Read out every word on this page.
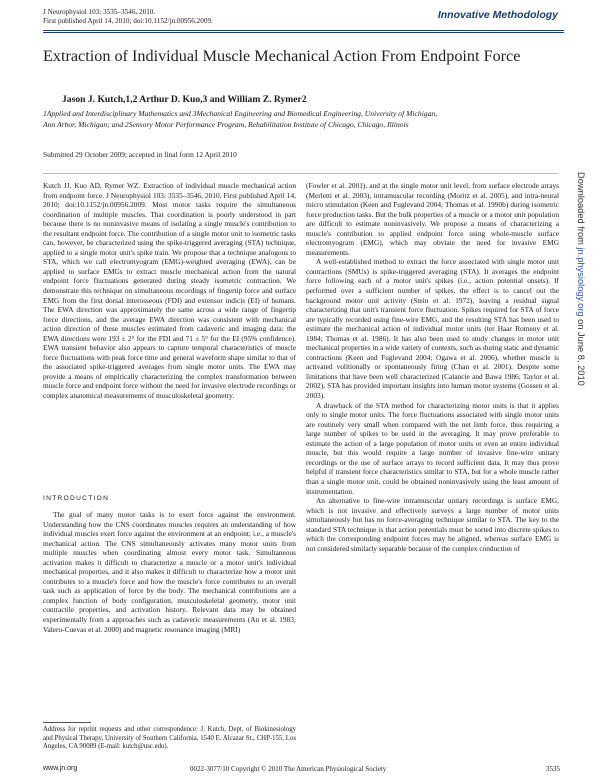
J Neurophysiol 103: 3535–3546, 2010.
First published April 14, 2010; doi:10.1152/jn.00956.2009.	Innovative Methodology
Extraction of Individual Muscle Mechanical Action From Endpoint Force
Jason J. Kutch,1,2 Arthur D. Kuo,3 and William Z. Rymer2
1Applied and Interdisciplinary Mathematics and 3Mechanical Engineering and Biomedical Engineering, University of Michigan,
Ann Arbor, Michigan; and 2Sensory Motor Performance Program, Rehabilitation Institute of Chicago, Chicago, Illinois
Submitted 29 October 2009; accepted in final form 12 April 2010

Kutch JJ, Kuo AD, Rymer WZ. Extraction of individual muscle mechanical action from endpoint force. J Neurophysiol 103: 3535–3546, 2010. First published April 14, 2010; doi:10.1152/jn.00956.2009. Most motor tasks require the simultaneous coordination of multiple muscles. That coordination is poorly understood in part because there is no noninvasive means of isolating a single muscle's contribution to the resultant endpoint force. The contribution of a single motor unit to isometric tasks can, however, be characterized using the spike-triggered averaging (STA) technique, applied to a single motor unit's spike train. We propose that a technique analogous to STA, which we call electromyogram (EMG)-weighted averaging (EWA), can be applied to surface EMGs to extract muscle mechanical action from the natural endpoint force fluctuations generated during steady isometric contraction. We demonstrate this technique on simultaneous recordings of fingertip force and surface EMG from the first dorsal interosseous (FDI) and extensor indicis (EI) of humans. The EWA direction was approximately the same across a wide range of fingertip force directions, and the average EWA direction was consistent with mechanical action direction of these muscles estimated from cadaveric and imaging data: the EWA directions were 193 ± 2° for the FDI and 71 ± 5° for the EI (95% confidence). EWA transient behavior also appears to capture temporal characteristics of muscle force fluctuations with peak force time and general waveform shape similar to that of the associated spike-triggered averages from single motor units. The EWA may provide a means of empirically characterizing the complex transformation between muscle force and endpoint force without the need for invasive electrode recordings or complex anatomical measurements of musculoskeletal geometry.

INTRODUCTION

The goal of many motor tasks is to exert force against the environment. Understanding how the CNS coordinates muscles requires an understanding of how individual muscles exert force against the environment at an endpoint; i.e., a muscle's mechanical action. The CNS simultaneously activates many motor units from multiple muscles when coordinating almost every motor task. Simultaneous activation makes it difficult to characterize a muscle or a motor unit's individual mechanical properties, and it also makes it difficult to characterize how a motor unit contributes to a muscle's force and how the muscle's force contributes to an overall task such as application of force by the body. The mechanical contributions are a complex function of body configuration, musculoskeletal geometry, motor unit contractile properties, and activation history. Relevant data may be obtained experimentally from a approaches such as cadaveric measurements (An et al. 1983; Valero-Cuevas et al. 2000) and magnetic resonance imaging (MRI)

(Fowler et al. 2001), and at the single motor unit level, from surface electrode arrays (Merletti et al. 2003), intramuscular recording (Moritz et al. 2005), and intra-neural micro stimulation (Keen and Fuglevand 2004; Thomas et al. 1990b) during isometric force production tasks. But the bulk properties of a muscle or a motor unit population are difficult to estimate noninvasively. We propose a means of characterizing a muscle's contribution to applied endpoint force using whole-muscle surface electromyogram (EMG), which may obviate the need for invasive EMG measurements.

A well-established method to extract the force associated with single motor unit contractions (SMUs) is spike-triggered averaging (STA). It averages the endpoint force following each of a motor unit's spikes (i.e., action potential onsets). If performed over a sufficient number of spikes, the effect is to cancel out the background motor unit activity (Stein et al. 1972), leaving a residual signal characterizing that unit's transient force fluctuation. Spikes required for STA of force are typically recorded using fine-wire EMG, and the resulting STA has been used to estimate the mechanical action of individual motor units (ter Haar Romeny et al. 1984; Thomas et al. 1986). It has also been used to study changes in motor unit mechanical properties in a wide variety of contexts, such as during static and dynamic contractions (Keen and Fuglevand 2004; Ogawa et al. 2006), whether muscle is activated volitionally or spontaneously firing (Chan et al. 2001). Despite some limitations that have been well characterized (Calancie and Bawa 1986; Taylor et al. 2002), STA has provided important insights into human motor systems (Gossen et al. 2003).

A drawback of the STA method for characterizing motor units is that it applies only to single motor units. The force fluctuations associated with single motor units are routinely very small when compared with the net limb force, thus requiring a large number of spikes to be used in the averaging. It may prove preferable to estimate the action of a large population of motor units or even an entire individual muscle, but this would require a large number of invasive fine-wire unitary recordings or the use of surface arrays to record sufficient data. It may thus prove helpful if transient force characteristics similar to STA, but for a whole muscle rather than a single motor unit, could be obtained noninvasively using the least amount of instrumentation.

An alternative to fine-wire intramuscular unitary recordings is surface EMG, which is not invasive and effectively surveys a large number of motor units simultaneously but has no force-averaging technique similar to STA. The key to the standard STA technique is that action potentials must be sorted into discrete spikes to which the corresponding endpoint forces may be aligned, whereas surface EMG is not considered similarly separable because of the complex conduction of

Address for reprint requests and other correspondence: J. Kutch, Dept. of Biokinesiology and Physical Therapy, University of Southern California, 1540 E. Alcazar St., CHP-155, Los Angeles, CA 90089 (E-mail: kutch@usc.edu).
www.jn.org	0022-3077/10 Copyright © 2010 The American Physiological Society	3535
Downloaded from jn.physiology.org on June 8, 2010
